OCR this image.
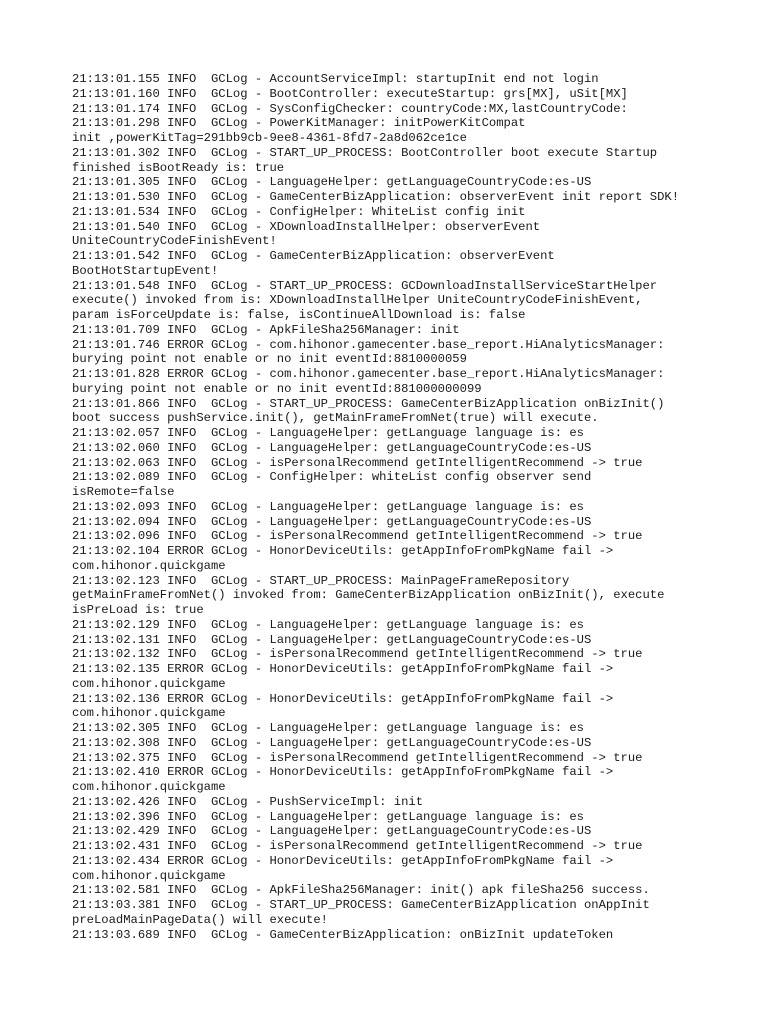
21:13:01.155 INFO  GCLog - AccountServiceImpl: startupInit end not login
21:13:01.160 INFO  GCLog - BootController: executeStartup: grs[MX], uSit[MX]
21:13:01.174 INFO  GCLog - SysConfigChecker: countryCode:MX,lastCountryCode:
21:13:01.298 INFO  GCLog - PowerKitManager: initPowerKitCompat
init ,powerKitTag=291bb9cb-9ee8-4361-8fd7-2a8d062ce1ce
21:13:01.302 INFO  GCLog - START_UP_PROCESS: BootController boot execute Startup
finished isBootReady is: true
21:13:01.305 INFO  GCLog - LanguageHelper: getLanguageCountryCode:es-US
21:13:01.530 INFO  GCLog - GameCenterBizApplication: observerEvent init report SDK!
21:13:01.534 INFO  GCLog - ConfigHelper: WhiteList config init
21:13:01.540 INFO  GCLog - XDownloadInstallHelper: observerEvent
UniteCountryCodeFinishEvent!
21:13:01.542 INFO  GCLog - GameCenterBizApplication: observerEvent
BootHotStartupEvent!
21:13:01.548 INFO  GCLog - START_UP_PROCESS: GCDownloadInstallServiceStartHelper
execute() invoked from is: XDownloadInstallHelper UniteCountryCodeFinishEvent,
param isForceUpdate is: false, isContinueAllDownload is: false
21:13:01.709 INFO  GCLog - ApkFileSha256Manager: init
21:13:01.746 ERROR GCLog - com.hihonor.gamecenter.base_report.HiAnalyticsManager:
burying point not enable or no init eventId:8810000059
21:13:01.828 ERROR GCLog - com.hihonor.gamecenter.base_report.HiAnalyticsManager:
burying point not enable or no init eventId:881000000099
21:13:01.866 INFO  GCLog - START_UP_PROCESS: GameCenterBizApplication onBizInit()
boot success pushService.init(), getMainFrameFromNet(true) will execute.
21:13:02.057 INFO  GCLog - LanguageHelper: getLanguage language is: es
21:13:02.060 INFO  GCLog - LanguageHelper: getLanguageCountryCode:es-US
21:13:02.063 INFO  GCLog - isPersonalRecommend getIntelligentRecommend -> true
21:13:02.089 INFO  GCLog - ConfigHelper: whiteList config observer send
isRemote=false
21:13:02.093 INFO  GCLog - LanguageHelper: getLanguage language is: es
21:13:02.094 INFO  GCLog - LanguageHelper: getLanguageCountryCode:es-US
21:13:02.096 INFO  GCLog - isPersonalRecommend getIntelligentRecommend -> true
21:13:02.104 ERROR GCLog - HonorDeviceUtils: getAppInfoFromPkgName fail ->
com.hihonor.quickgame
21:13:02.123 INFO  GCLog - START_UP_PROCESS: MainPageFrameRepository
getMainFrameFromNet() invoked from: GameCenterBizApplication onBizInit(), execute
isPreLoad is: true
21:13:02.129 INFO  GCLog - LanguageHelper: getLanguage language is: es
21:13:02.131 INFO  GCLog - LanguageHelper: getLanguageCountryCode:es-US
21:13:02.132 INFO  GCLog - isPersonalRecommend getIntelligentRecommend -> true
21:13:02.135 ERROR GCLog - HonorDeviceUtils: getAppInfoFromPkgName fail ->
com.hihonor.quickgame
21:13:02.136 ERROR GCLog - HonorDeviceUtils: getAppInfoFromPkgName fail ->
com.hihonor.quickgame
21:13:02.305 INFO  GCLog - LanguageHelper: getLanguage language is: es
21:13:02.308 INFO  GCLog - LanguageHelper: getLanguageCountryCode:es-US
21:13:02.375 INFO  GCLog - isPersonalRecommend getIntelligentRecommend -> true
21:13:02.410 ERROR GCLog - HonorDeviceUtils: getAppInfoFromPkgName fail ->
com.hihonor.quickgame
21:13:02.426 INFO  GCLog - PushServiceImpl: init
21:13:02.396 INFO  GCLog - LanguageHelper: getLanguage language is: es
21:13:02.429 INFO  GCLog - LanguageHelper: getLanguageCountryCode:es-US
21:13:02.431 INFO  GCLog - isPersonalRecommend getIntelligentRecommend -> true
21:13:02.434 ERROR GCLog - HonorDeviceUtils: getAppInfoFromPkgName fail ->
com.hihonor.quickgame
21:13:02.581 INFO  GCLog - ApkFileSha256Manager: init() apk fileSha256 success.
21:13:03.381 INFO  GCLog - START_UP_PROCESS: GameCenterBizApplication onAppInit
preLoadMainPageData() will execute!
21:13:03.689 INFO  GCLog - GameCenterBizApplication: onBizInit updateToken
